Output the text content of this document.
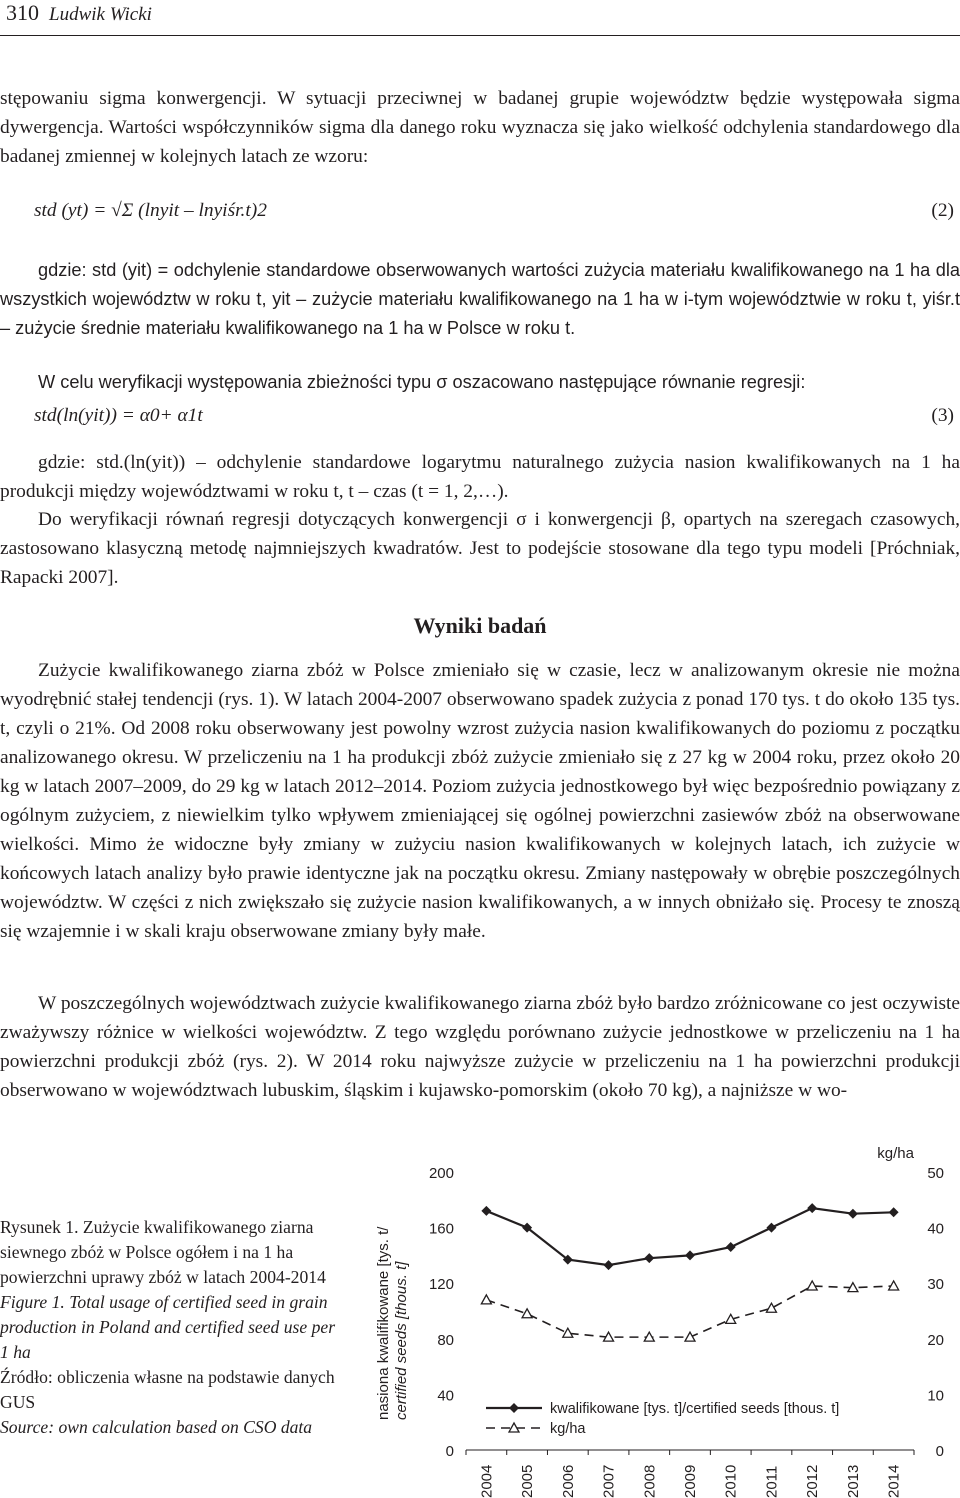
310 Ludwik Wicki

stępowaniu sigma konwergencji. W sytuacji przeciwnej w badanej grupie województw będzie występowała sigma dywergencja. Wartości współczynników sigma dla danego roku wyznacza się jako wielkość odchylenia standardowego dla badanej zmiennej w kolejnych latach ze wzoru:

std (yt) = √Σ (lnyit – lnyiśr.t)2	(2)

gdzie: std (yit) = odchylenie standardowe obserwowanych wartości zużycia materiału kwalifikowanego na 1 ha dla wszystkich województw w roku t, yit – zużycie materiału kwalifikowanego na 1 ha w i-tym województwie w roku t, yiśr.t – zużycie średnie materiału kwalifikowanego na 1 ha w Polsce w roku t.

W celu weryfikacji występowania zbieżności typu σ oszacowano następujące równanie regresji:

std(ln(yit)) = α0+ α1t	(3)

gdzie: std.(ln(yit)) – odchylenie standardowe logarytmu naturalnego zużycia nasion kwalifikowanych na 1 ha produkcji między województwami w roku t, t – czas (t = 1, 2,…).

Do weryfikacji równań regresji dotyczących konwergencji σ i konwergencji β, opartych na szeregach czasowych, zastosowano klasyczną metodę najmniejszych kwadratów. Jest to podejście stosowane dla tego typu modeli [Próchniak, Rapacki 2007].

Wyniki badań

Zużycie kwalifikowanego ziarna zbóż w Polsce zmieniało się w czasie, lecz w analizowanym okresie nie można wyodrębnić stałej tendencji (rys. 1). W latach 2004-2007 obserwowano spadek zużycia z ponad 170 tys. t do około 135 tys. t, czyli o 21%. Od 2008 roku obserwowany jest powolny wzrost zużycia nasion kwalifikowanych do poziomu z początku analizowanego okresu. W przeliczeniu na 1 ha produkcji zbóż zużycie zmieniało się z 27 kg w 2004 roku, przez około 20 kg w latach 2007–2009, do 29 kg w latach 2012–2014. Poziom zużycia jednostkowego był więc bezpośrednio powiązany z ogólnym zużyciem, z niewielkim tylko wpływem zmieniającej się ogólnej powierzchni zasiewów zbóż na obserwowane wielkości. Mimo że widoczne były zmiany w zużyciu nasion kwalifikowanych w kolejnych latach, ich zużycie w końcowych latach analizy było prawie identyczne jak na początku okresu. Zmiany następowały w obrębie poszczególnych województw. W części z nich zwiększało się zużycie nasion kwalifikowanych, a w innych obniżało się. Procesy te znoszą się wzajemnie i w skali kraju obserwowane zmiany były małe.

W poszczególnych województwach zużycie kwalifikowanego ziarna zbóż było bardzo zróżnicowane co jest oczywiste zważywszy różnice w wielkości województw. Z tego względu porównano zużycie jednostkowe w przeliczeniu na 1 ha powierzchni produkcji zbóż (rys. 2). W 2014 roku najwyższe zużycie w przeliczeniu na 1 ha powierzchni produkcji obserwowano w województwach lubuskim, śląskim i kujawsko-pomorskim (około 70 kg), a najniższe w wo-

Rysunek 1. Zużycie kwalifikowanego ziarna siewnego zbóż w Polsce ogółem i na 1 ha powierzchni uprawy zbóż w latach 2004-2014
Figure 1. Total usage of certified seed in grain production in Poland and certified seed use per 1 ha
Źródło: obliczenia własne na podstawie danych GUS
Source: own calculation based on CSO data
200
160
120
80
40
0
50
40
30
20
10
0
kg/ha
nasiona kwalifikowane [tys. t/ certified seeds [thous. t]
2004 2005 2006 2007 2008 2009 2010 2011 2012 2013 2014
kwalifikowane [tys. t]/certified seeds [thous. t]
kg/ha
